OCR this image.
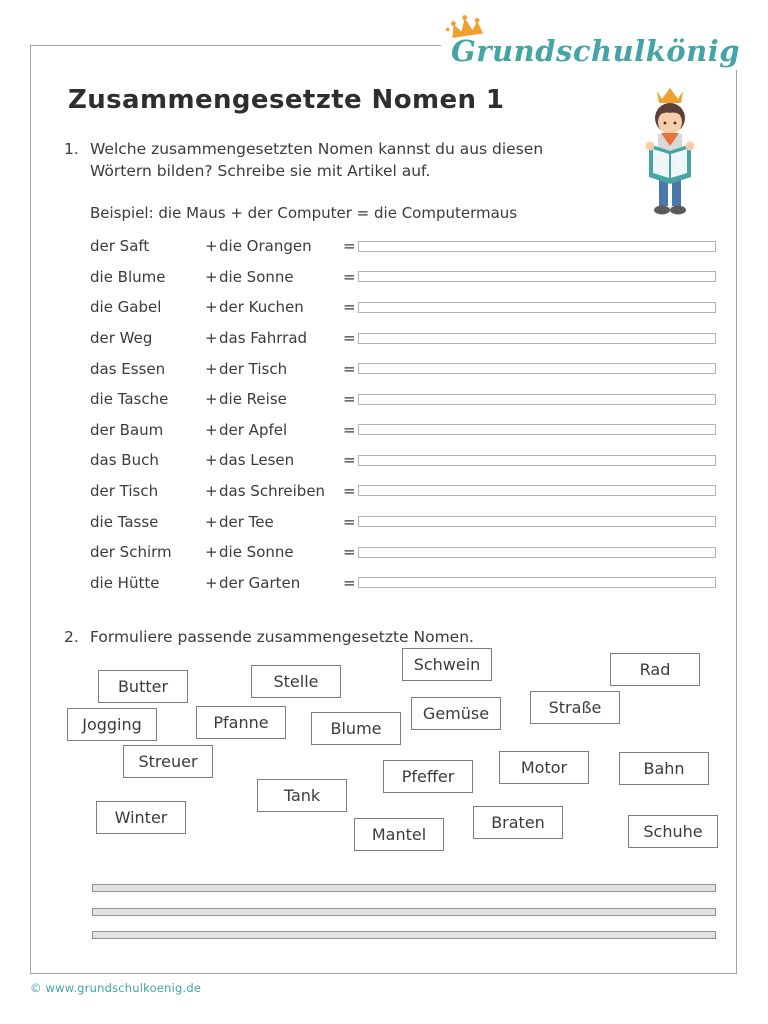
Grundschulkönig
Zusammengesetzte Nomen 1
♪
1. Welche zusammengesetzten Nomen kannst du aus diesen Wörtern bilden? Schreibe sie mit Artikel auf.
Beispiel: die Maus + der Computer = die Computermaus
der Saft	+ die Orangen	=
die Blume	+ die Sonne	=
die Gabel	+ der Kuchen	=
der Weg	+ das Fahrrad	=
das Essen	+ der Tisch	=
die Tasche	+ die Reise	=
der Baum	+ der Apfel	=
das Buch	+ das Lesen	=
der Tisch	+ das Schreiben	=
die Tasse	+ der Tee	=
der Schirm	+ die Sonne	=
die Hütte	+ der Garten	=
2. Formuliere passende zusammengesetzte Nomen.
Schwein	Rad
Butter	Stelle
Gemüse	Straße
Jogging	Pfanne	Blume
Streuer
Pfeffer	Motor	Bahn
Tank
Winter	Braten
Mantel	Schuhe
© www.grundschulkoenig.de
